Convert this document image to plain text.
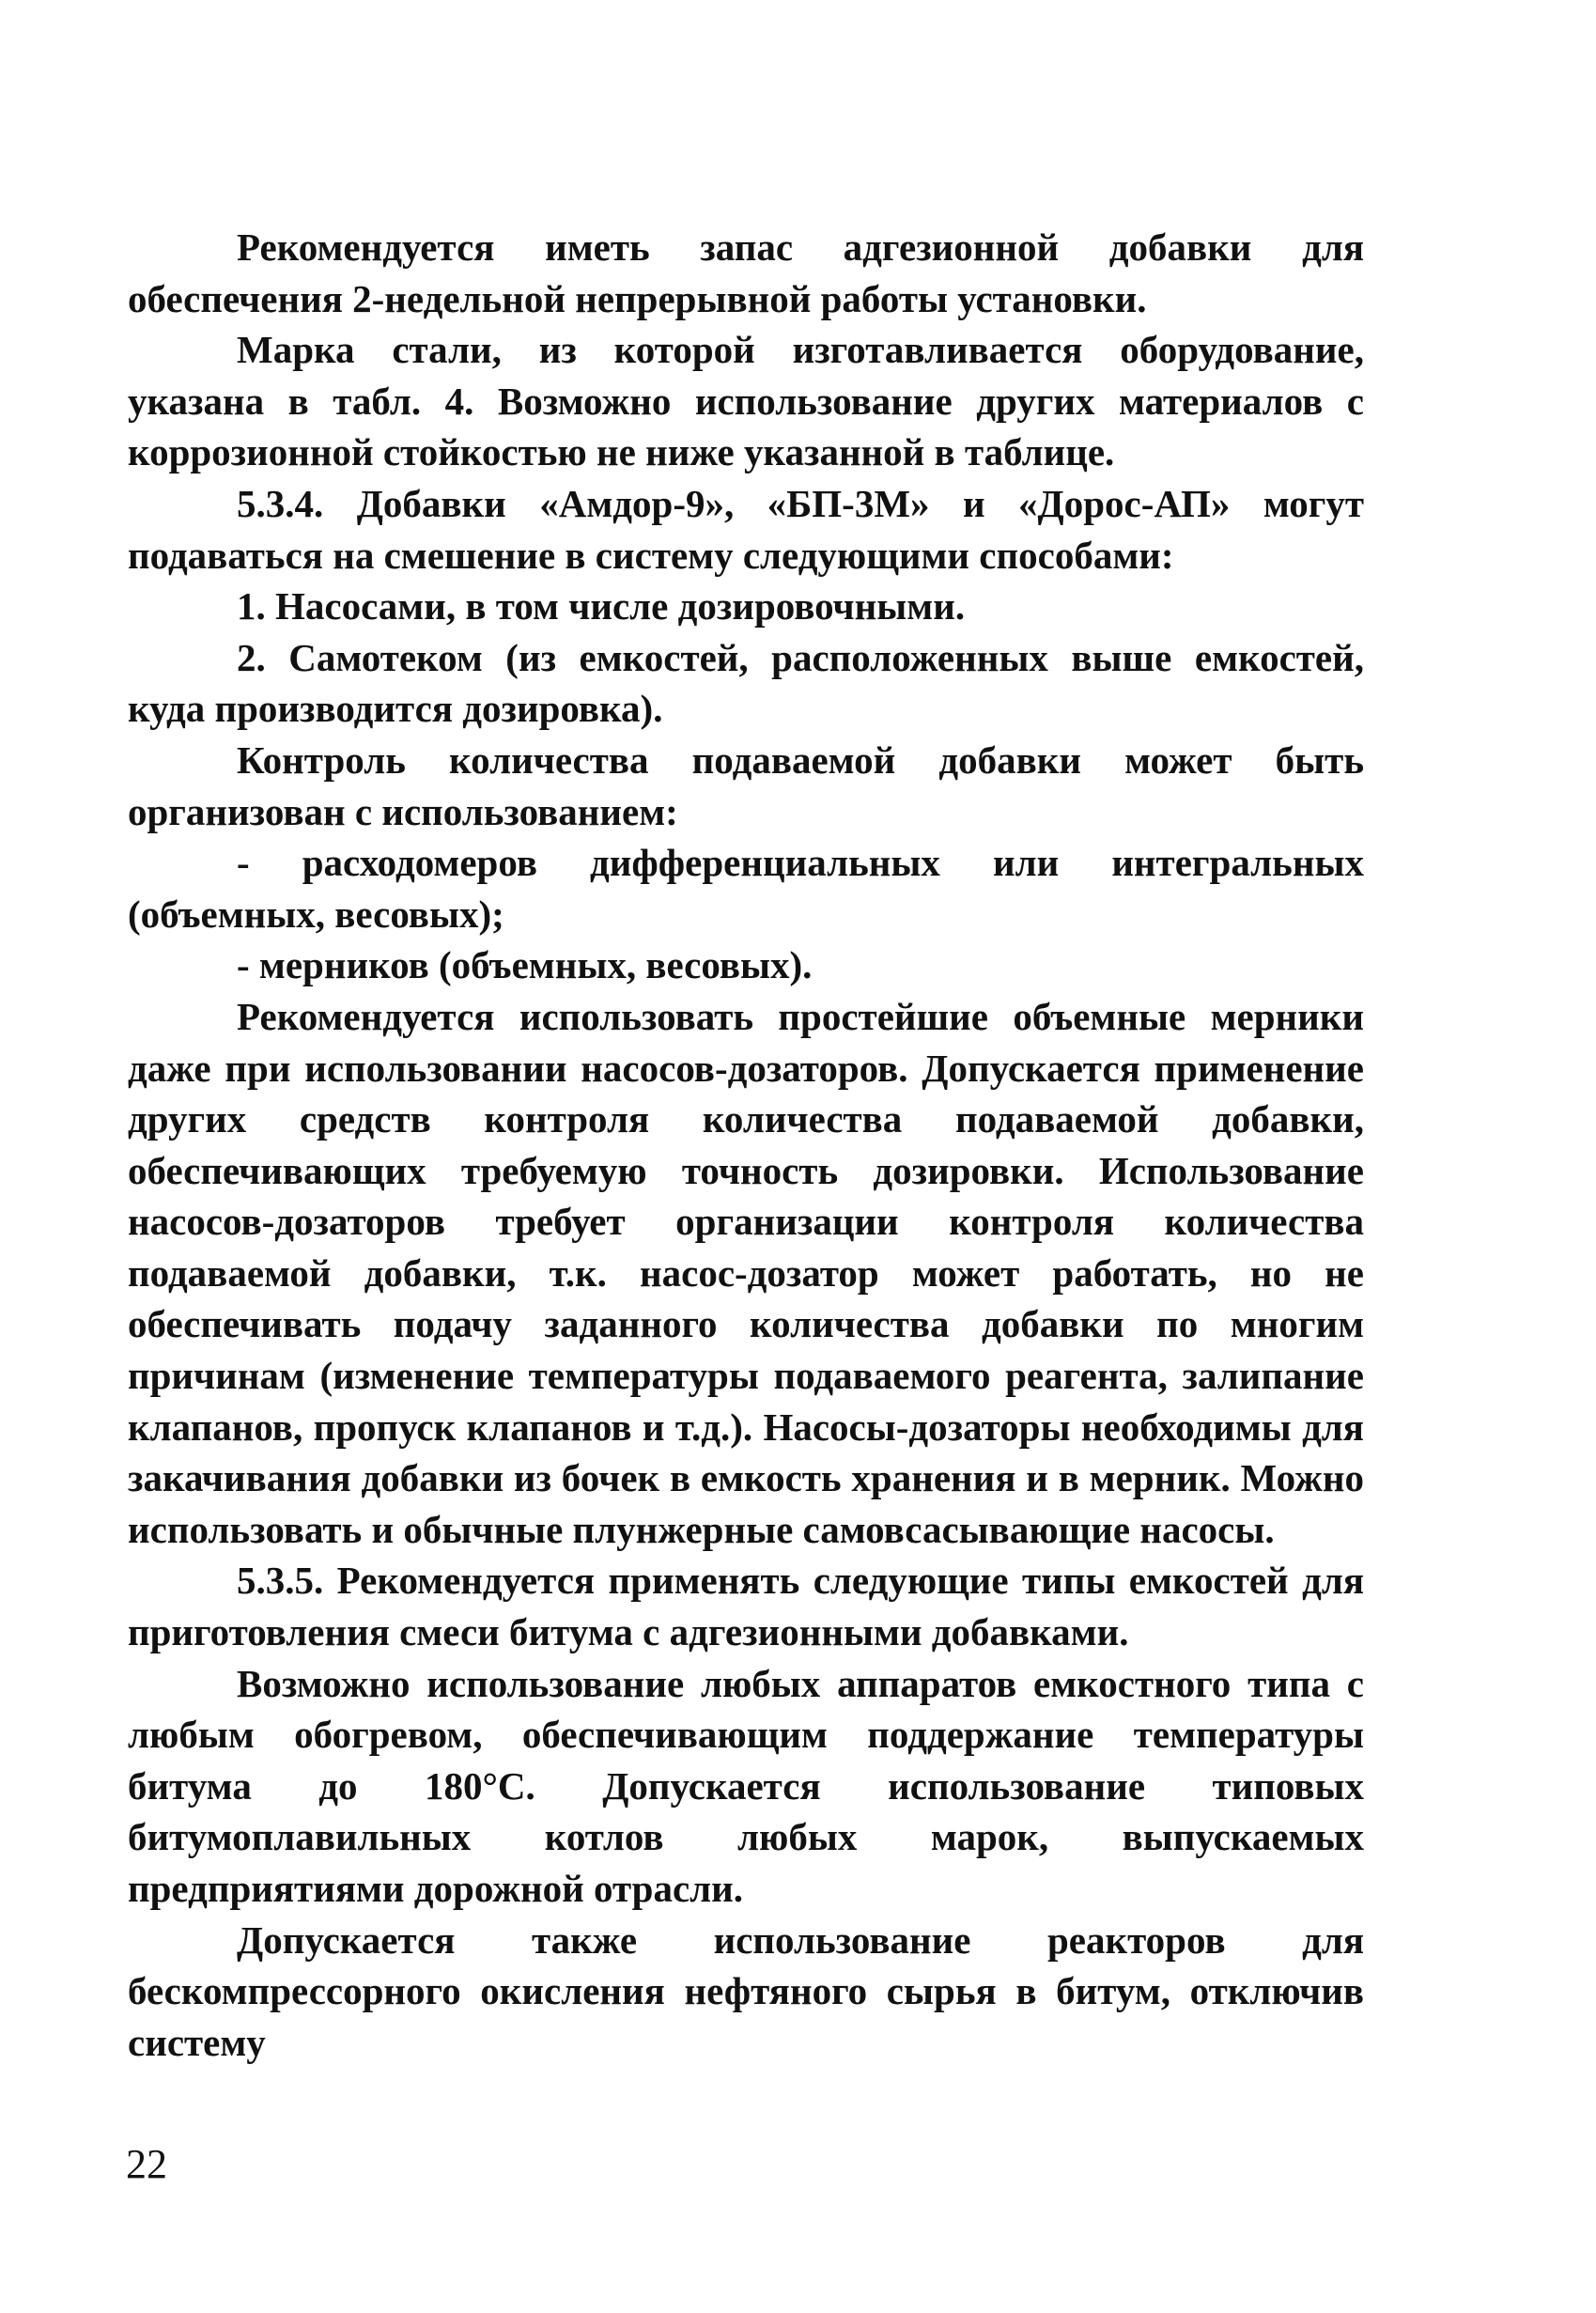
Рекомендуется иметь запас адгезионной добавки для обеспечения 2-недельной непрерывной работы установки.

Марка стали, из которой изготавливается оборудование, указана в табл. 4. Возможно использование других материалов с коррозионной стойкостью не ниже указанной в таблице.

5.3.4. Добавки «Амдор-9», «БП-3М» и «Дорос-АП» могут подаваться на смешение в систему следующими способами:

1. Насосами, в том числе дозировочными.

2. Самотеком (из емкостей, расположенных выше емкостей, куда производится дозировка).

Контроль количества подаваемой добавки может быть организован с использованием:

- расходомеров дифференциальных или интегральных (объемных, весовых);

- мерников (объемных, весовых).

Рекомендуется использовать простейшие объемные мерники даже при использовании насосов-дозаторов. Допускается применение других средств контроля количества подаваемой добавки, обеспечивающих требуемую точность дозировки. Использование насосов-дозаторов требует организации контроля количества подаваемой добавки, т.к. насос-дозатор может работать, но не обеспечивать подачу заданного количества добавки по многим причинам (изменение температуры подаваемого реагента, залипание клапанов, пропуск клапанов и т.д.). Насосы-дозаторы необходимы для закачивания добавки из бочек в емкость хранения и в мерник. Можно использовать и обычные плунжерные самовсасывающие насосы.

5.3.5. Рекомендуется применять следующие типы емкостей для приготовления смеси битума с адгезионными добавками.

Возможно использование любых аппаратов емкостного типа с любым обогревом, обеспечивающим поддержание температуры битума до 180°С. Допускается использование типовых битумоплавильных котлов любых марок, выпускаемых предприятиями дорожной отрасли.

Допускается также использование реакторов для бескомпрессорного окисления нефтяного сырья в битум, отключив систему

22
